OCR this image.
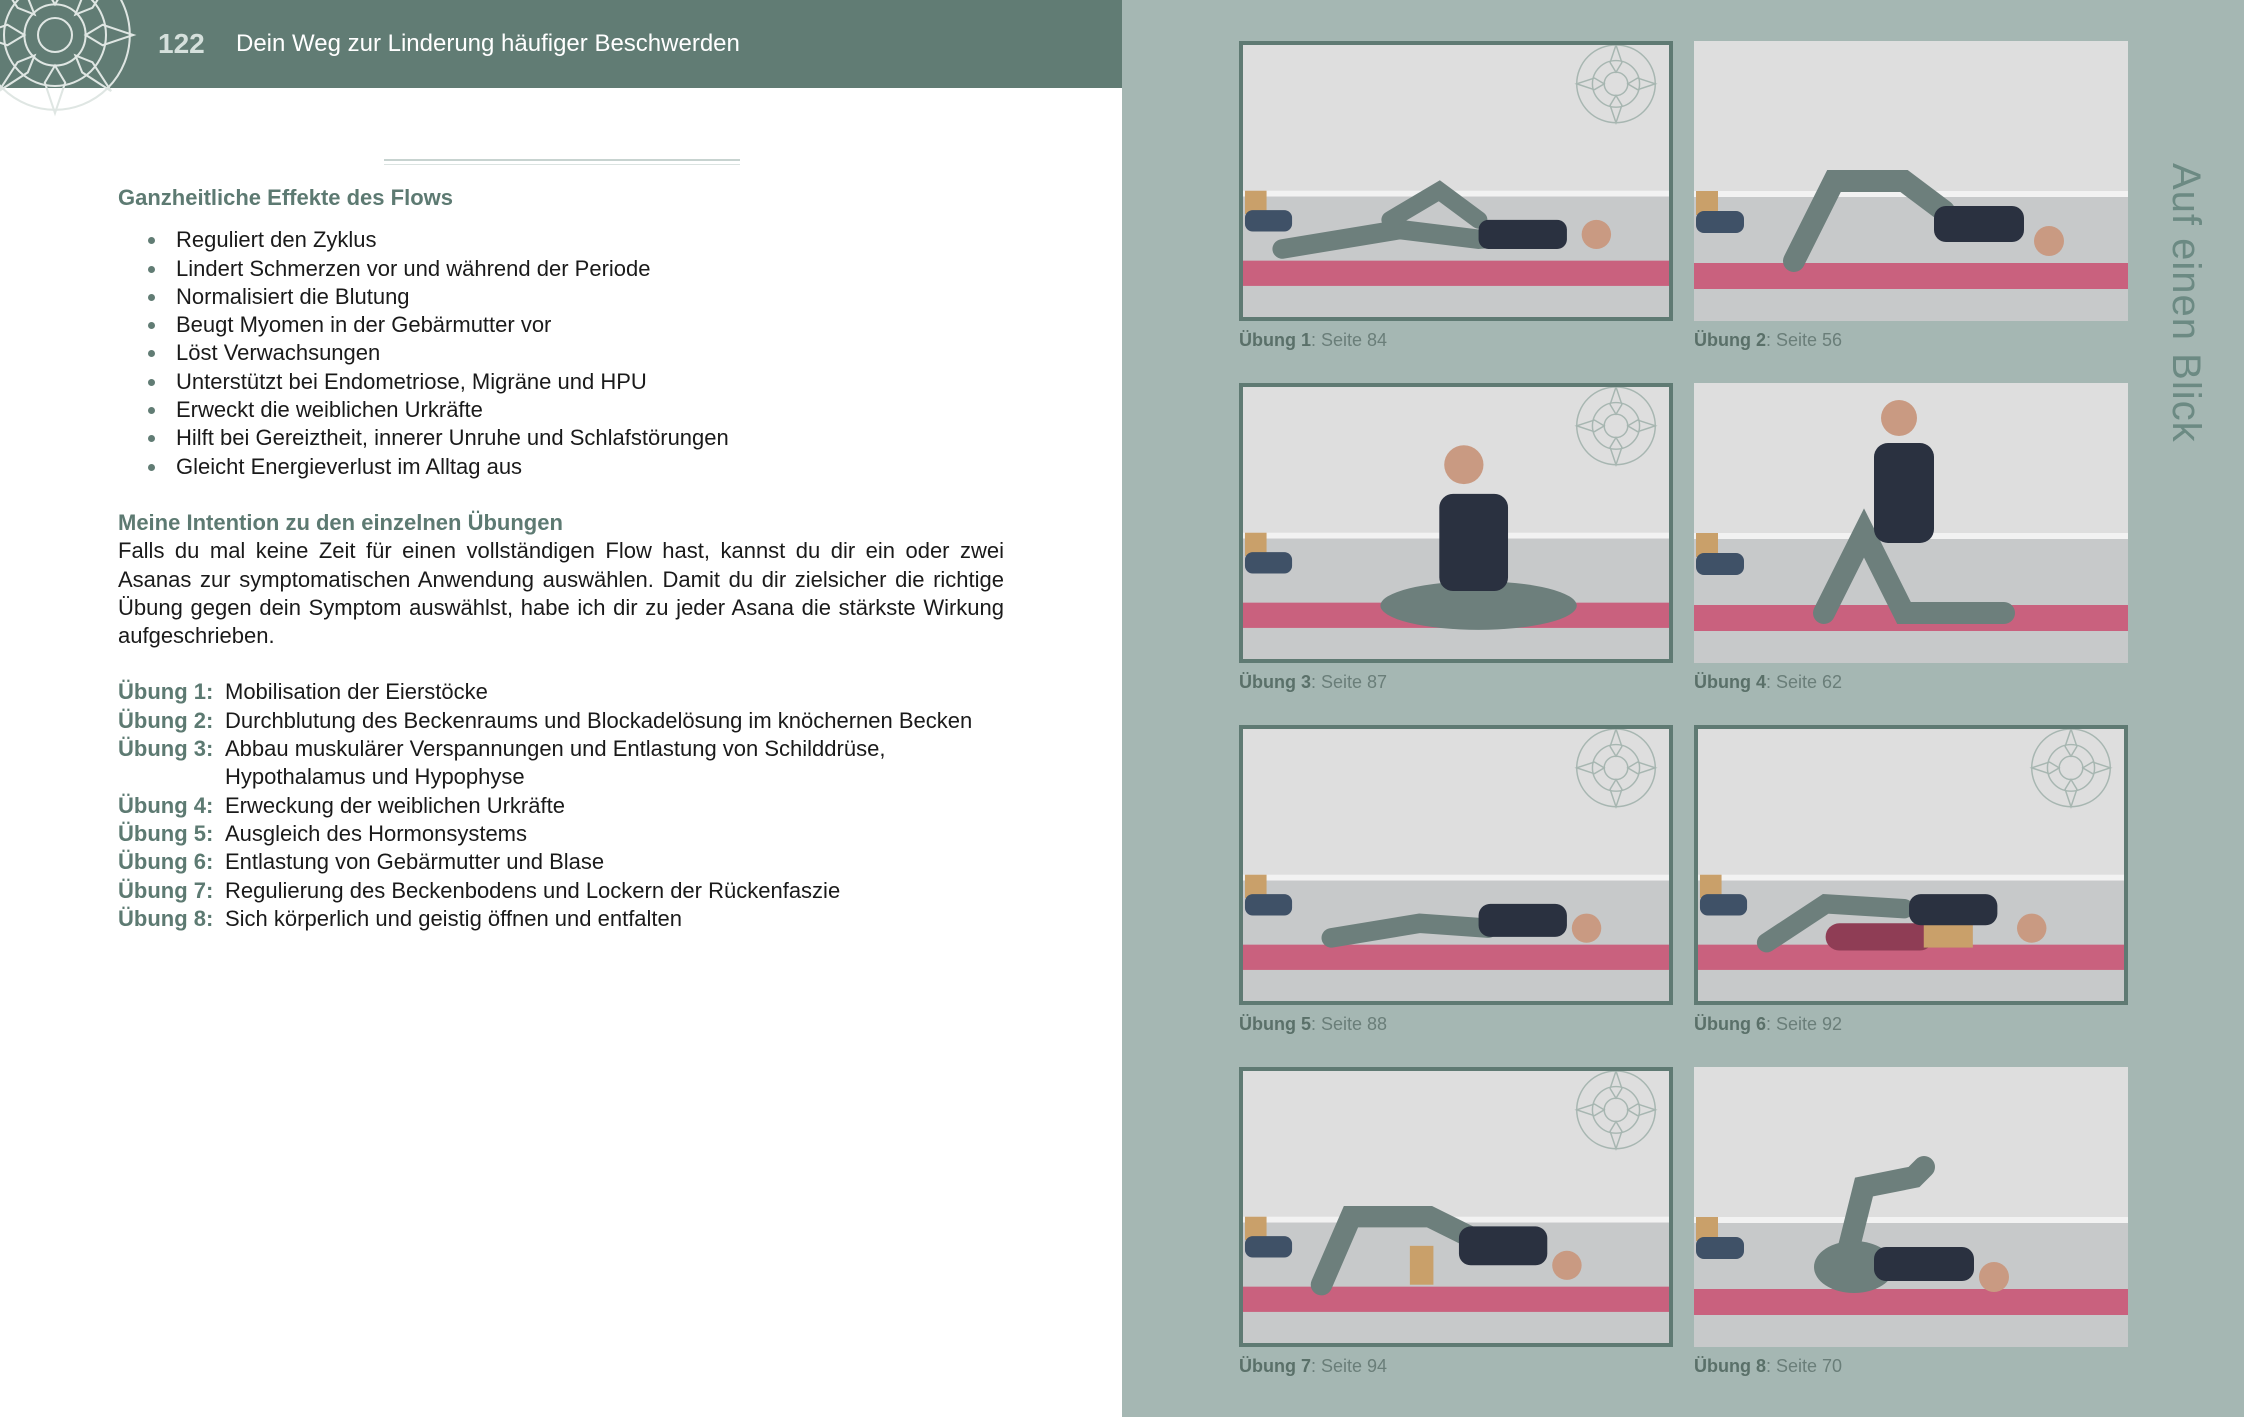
122 Dein Weg zur Linderung häufiger Beschwerden
Ganzheitliche Effekte des Flows
Reguliert den Zyklus
Lindert Schmerzen vor und während der Periode
Normalisiert die Blutung
Beugt Myomen in der Gebärmutter vor
Löst Verwachsungen
Unterstützt bei Endometriose, Migräne und HPU
Erweckt die weiblichen Urkräfte
Hilft bei Gereiztheit, innerer Unruhe und Schlafstörungen
Gleicht Energieverlust im Alltag aus
Meine Intention zu den einzelnen Übungen
Falls du mal keine Zeit für einen vollständigen Flow hast, kannst du dir ein oder zwei Asanas zur symptomatischen Anwendung auswählen. Damit du dir zielsicher die richtige Übung gegen dein Symptom auswählst, habe ich dir zu jeder Asana die stärkste Wirkung aufgeschrieben.
Übung 1: Mobilisation der Eierstöcke
Übung 2: Durchblutung des Beckenraums und Blockadelösung im knöchernen Becken
Übung 3: Abbau muskulärer Verspannungen und Entlastung von Schilddrüse, Hypothalamus und Hypophyse
Übung 4: Erweckung der weiblichen Urkräfte
Übung 5: Ausgleich des Hormonsystems
Übung 6: Entlastung von Gebärmutter und Blase
Übung 7: Regulierung des Beckenbodens und Lockern der Rückenfaszie
Übung 8: Sich körperlich und geistig öffnen und entfalten
Auf einen Blick
Übung 1: Seite 84	Übung 2: Seite 56
Übung 3: Seite 87	Übung 4: Seite 62
Übung 5: Seite 88	Übung 6: Seite 92
Übung 7: Seite 94	Übung 8: Seite 70
